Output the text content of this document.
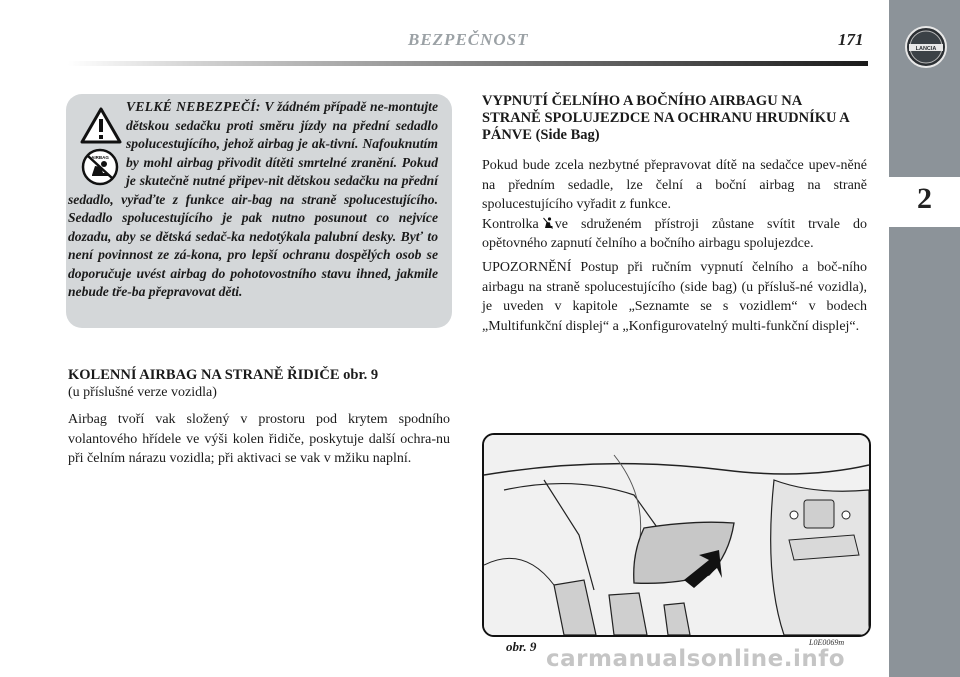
BEZPEČNOST	171	LANCIA
2
AIRBAG
VELKÉ NEBEZPEČÍ: V žádném případě ne-montujte dětskou sedačku proti směru jízdy na přední sedadlo spolucestujícího, jehož airbag je ak-tivní. Nafouknutím by mohl airbag přivodit dítěti smrtelné zranění. Pokud je skutečně nutné připev-nit dětskou sedačku na přední sedadlo, vyřaďte z funkce air-bag na straně spolucestujícího. Sedadlo spolucestujícího je pak nutno posunout co nejvíce dozadu, aby se dětská sedač-ka nedotýkala palubní desky. Byť to není povinnost ze zá-kona, pro lepší ochranu dospělých osob se doporučuje uvést airbag do pohotovostního stavu ihned, jakmile nebude tře-ba přepravovat děti.
KOLENNÍ AIRBAG NA STRANĚ ŘIDIČE obr. 9
(u příslušné verze vozidla)
Airbag tvoří vak složený v prostoru pod krytem spodního volantového hřídele ve výši kolen řidiče, poskytuje další ochra-nu při čelním nárazu vozidla; při aktivaci se vak v mžiku naplní.
VYPNUTÍ ČELNÍHO A BOČNÍHO AIRBAGU NA STRANĚ SPOLUJEZDCE NA OCHRANU HRUDNÍKU A PÁNVE (Side Bag)
Pokud bude zcela nezbytné přepravovat dítě na sedačce upev-něné na předním sedadle, lze čelní a boční airbag na straně spolucestujícího vyřadit z funkce.
Kontrolka ve sdruženém přístroji zůstane svítit trvale do opětovného zapnutí čelního a bočního airbagu spolujezdce.
UPOZORNĚNÍ Postup při ručním vypnutí čelního a boč-ního airbagu na straně spolucestujícího (side bag) (u přísluš-né vozidla), je uveden v kapitole „Seznamte se s vozidlem“ v bodech „Multifunkční displej“ a „Konfigurovatelný multi-funkční displej“.
obr. 9	L0E0069m
carmanualsonline.info
